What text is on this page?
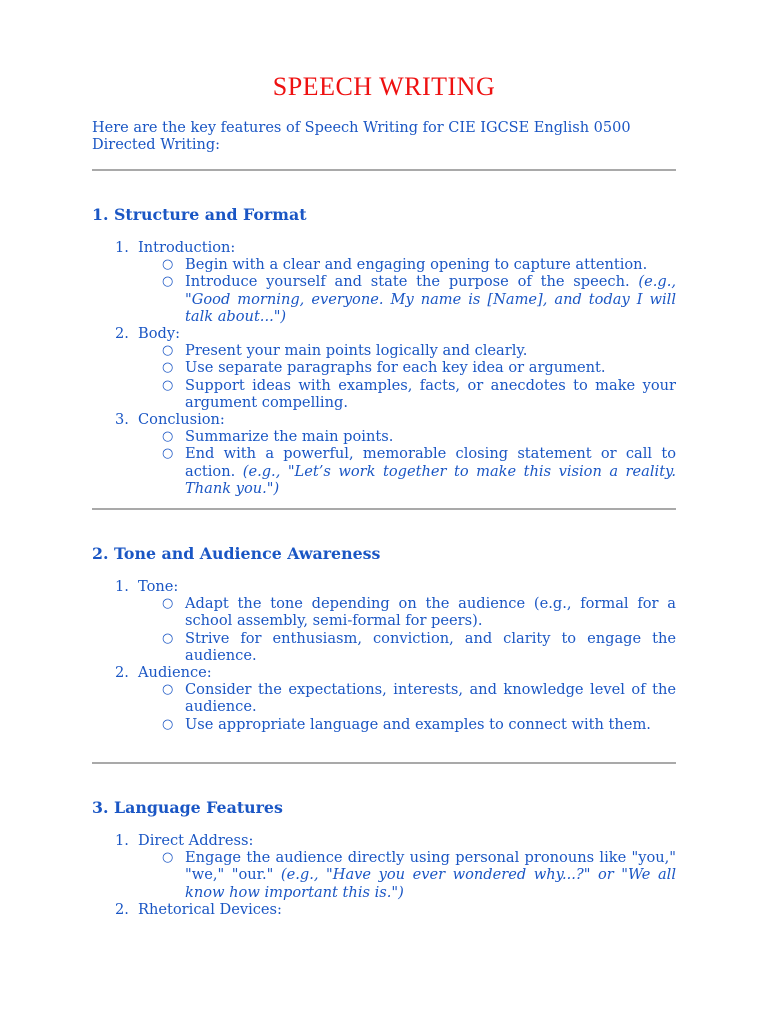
SPEECH WRITING
Here are the key features of Speech Writing for CIE IGCSE English 0500 Directed Writing:
1. Structure and Format
1. Introduction:
○ Begin with a clear and engaging opening to capture attention.
○ Introduce yourself and state the purpose of the speech. (e.g., "Good morning, everyone. My name is [Name], and today I will talk about...")
2. Body:
○ Present your main points logically and clearly.
○ Use separate paragraphs for each key idea or argument.
○ Support ideas with examples, facts, or anecdotes to make your argument compelling.
3. Conclusion:
○ Summarize the main points.
○ End with a powerful, memorable closing statement or call to action. (e.g., "Let’s work together to make this vision a reality. Thank you.")
2. Tone and Audience Awareness
1. Tone:
○ Adapt the tone depending on the audience (e.g., formal for a school assembly, semi-formal for peers).
○ Strive for enthusiasm, conviction, and clarity to engage the audience.
2. Audience:
○ Consider the expectations, interests, and knowledge level of the audience.
○ Use appropriate language and examples to connect with them.
3. Language Features
1. Direct Address:
○ Engage the audience directly using personal pronouns like "you," "we," "our." (e.g., "Have you ever wondered why...?" or "We all know how important this is.")
2. Rhetorical Devices:
